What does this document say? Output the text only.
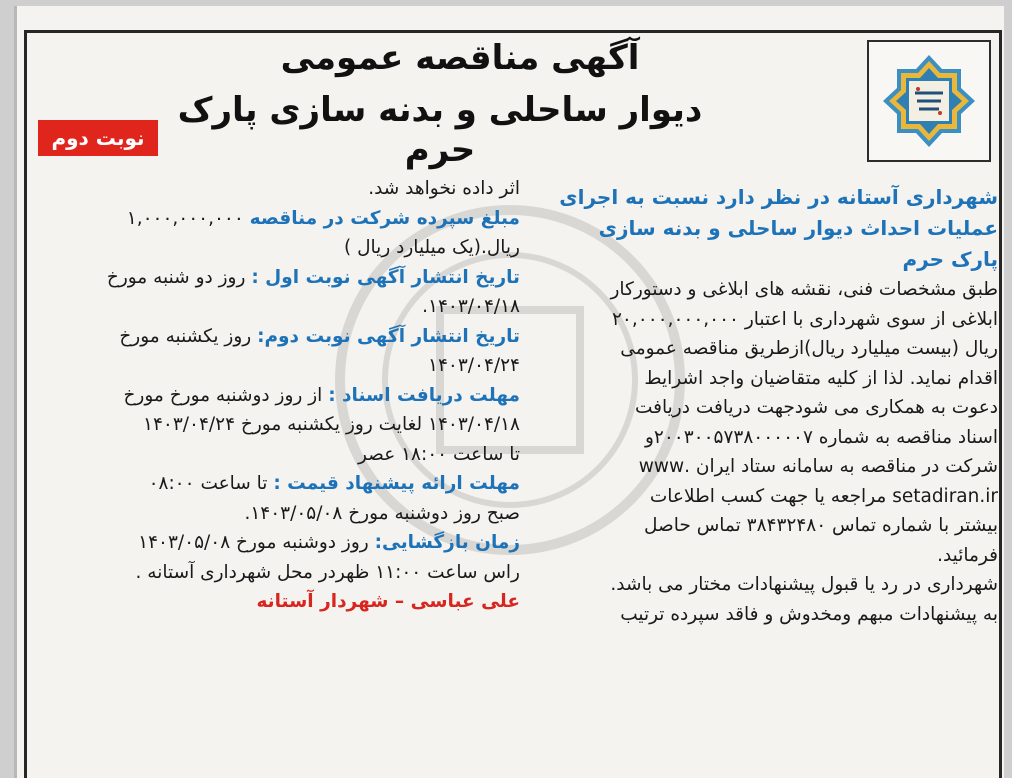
آگهی مناقصه عمومی
دیوار ساحلی و بدنه سازی پارک حرم
نوبت دوم

شهرداری آستانه در نظر دارد نسبت به اجرای

عملیات احداث دیوار ساحلی و بدنه سازی

پارک حرم

طبق مشخصات فنی، نقشه های ابلاغی و دستورکار

ابلاغی از سوی شهرداری با اعتبار ۲۰,۰۰۰,۰۰۰,۰۰۰

ریال (بیست میلیارد ریال)ازطریق مناقصه عمومی

اقدام نماید. لذا از کلیه متقاضیان واجد اشرایط

دعوت به همکاری می شودجهت دریافت دریافت

اسناد مناقصه به شماره ۲۰۰۳۰۰۵۷۳۸۰۰۰۰۰۷و

شرکت در مناقصه به سامانه ستاد ایران .www

setadiran.ir مراجعه یا جهت کسب اطلاعات

بیشتر با شماره تماس ۳۸۴۳۲۴۸۰ تماس حاصل

فرمائید.

شهرداری در رد یا قبول پیشنهادات مختار می باشد.

به پیشنهادات مبهم ومخدوش و فاقد سپرده ترتیب

اثر داده نخواهد شد.

مبلغ سپرده شرکت در مناقصه ۱,۰۰۰,۰۰۰,۰۰۰

ریال.(یک میلیارد ریال )

تاریخ انتشار آگهی نوبت اول : روز دو شنبه مورخ

۱۴۰۳/۰۴/۱۸.

تاریخ انتشار آگهی نوبت دوم: روز یکشنبه مورخ

۱۴۰۳/۰۴/۲۴

مهلت دریافت اسناد : از روز دوشنبه مورخ مورخ

۱۴۰۳/۰۴/۱۸ لغایت روز یکشنبه مورخ ۱۴۰۳/۰۴/۲۴

تا ساعت ۱۸:۰۰ عصر

مهلت ارائه پیشنهاد قیمت : تا ساعت ۰۸:۰۰

صبح روز دوشنبه مورخ ۱۴۰۳/۰۵/۰۸.

زمان بازگشایی: روز دوشنبه مورخ ۱۴۰۳/۰۵/۰۸

راس ساعت ۱۱:۰۰ ظهردر محل شهرداری آستانه .

علی عباسی – شهردار آستانه
